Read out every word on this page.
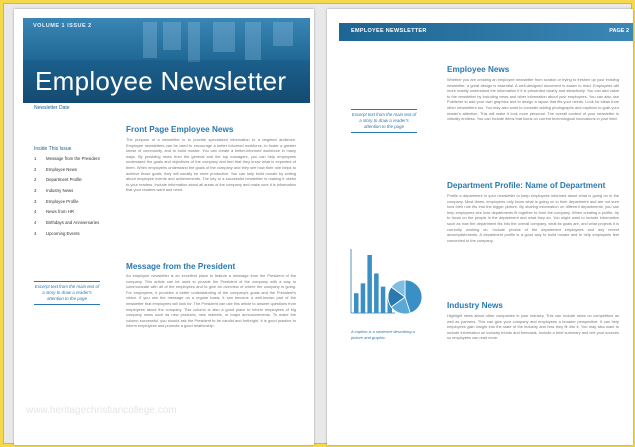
VOLUME 1 ISSUE 2
Employee Newsletter
Newsletter Date
Inside This Issue
1 Message from the President
2 Employee News
2 Department Profile
3 Industry News
3 Employee Profile
4 News from HR
4 Birthdays and Anniversaries
4 Upcoming Events
Front Page Employee News
The purpose of a newsletter is to provide specialized information to a targeted audience. Employee newsletters can be used to encourage a better informed workforce, to foster a greater sense of community, and to build morale. You can create a better-informed workforce in many ways. By providing news from the general and the top managers, you can help employees understand the goals and objectives of the company and feel that they know what is expected of them. When employees understand the goals of the company and they see how their role helps to achieve those goals, they will usually be more productive. You can help build morale by writing about employee events and achievements. The key to a successful newsletter is making it useful to your readers. Include information about all areas of the company and make sure it is information that your readers want and need.
Message from the President
An employee newsletter is an excellent place to feature a message from the President of the company. This article can be used to provide the President of the company with a way to communicate with all of the employees and to give an overview of where the company is going. For employees, it provides a better understanding of the company's goals and the President's vision. If you use the message on a regular basis, it can become a well-known part of the newsletter that employees will look for. The President can use this article to answer questions from employees about the company. This column is also a good place to inform employees of big company news such as new products, new markets, or major announcements. To make the column successful, you should ask the President to be candid and forthright. It is good practice to inform employees and promote a good relationship.
Excerpt text from the main text of a story to draw a reader's attention to the page
www.heritagechristiancollege.com
EMPLOYEE NEWSLETTER	PAGE 2
Excerpt text from the main text of a story to draw a reader's attention to the page
Employee News
Whether you are creating an employee newsletter from scratch or trying to freshen up your existing newsletter, a great design is essential. A well-designed document is easier to read. Employees will more readily understand the information if it is presented clearly and attractively. You can add value to the newsletter by including news and other information about your employees. You can also use Publisher to add your own graphics and to design a layout that fits your needs. Look for ideas from other newsletters too. You may also want to consider adding photographs and captions to grab your reader's attention. This will make it look more personal. The overall content of your newsletter is virtually endless. You can include items that focus on current technological innovations in your field.
Department Profile: Name of Department
Profile a department in your newsletter to keep employees informed about what is going on in the company. Most times, employees only know what is going on in their department and are not sure how their role fits into the bigger picture. By sharing information on different departments, you can help employees see how departments fit together to form the company. When creating a profile, try to focus on the people in the department and what they do. You might want to include information such as how the department fits into the overall company, what its goals are, and what projects it is currently working on. Include photos of the department employees and any recent accomplishments. A department profile is a good way to build morale and to help employees feel connected to the company.
Industry News
Highlight news about other companies in your industry. This can include news on competitors as well as partners. This can give your company and employees a broader perspective. It can help employees gain insight into the state of the industry and how they fit into it. You may also want to include information on industry trends and forecasts. Include a brief summary and cite your sources so employees can read more.
A caption is a sentence describing a picture and graphic.
